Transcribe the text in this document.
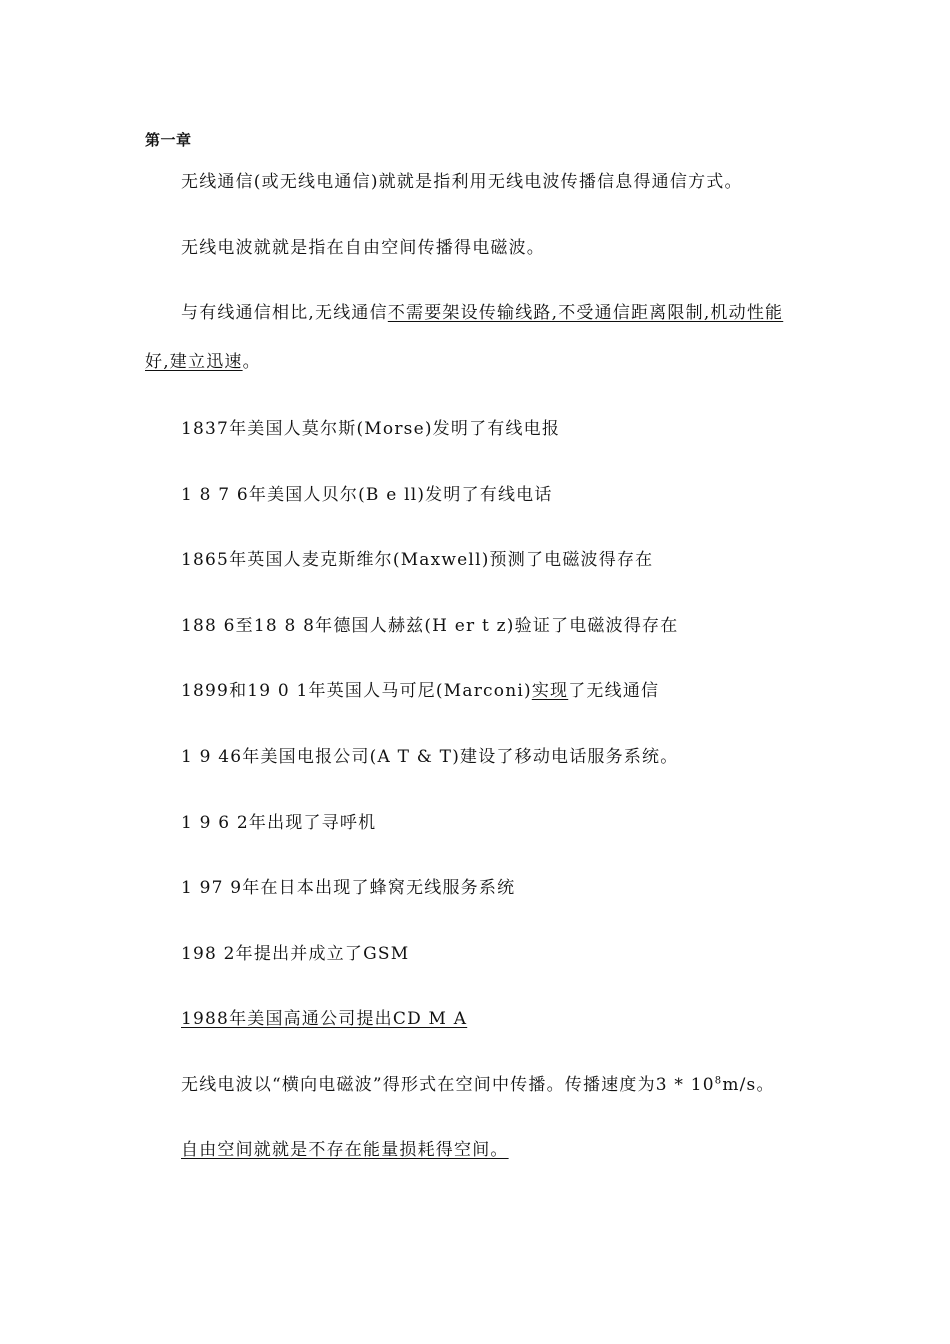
第一章
无线通信(或无线电通信)就就是指利用无线电波传播信息得通信方式。
无线电波就就是指在自由空间传播得电磁波。
与有线通信相比,无线通信不需要架设传输线路,不受通信距离限制,机动性能
好,建立迅速。
1837年美国人莫尔斯(Morse)发明了有线电报
1 8 7 6年美国人贝尔(B e ll)发明了有线电话
1865年英国人麦克斯维尔(Maxwell)预测了电磁波得存在
188 6至18 8 8年德国人赫兹(H er t z)验证了电磁波得存在
1899和19 0 1年英国人马可尼(Marconi)实现了无线通信
1 9 46年美国电报公司(A T & T)建设了移动电话服务系统。
1 9 6 2年出现了寻呼机
1 97 9年在日本出现了蜂窝无线服务系统
198 2年提出并成立了GSM
1988年美国高通公司提出CD M A
无线电波以“横向电磁波”得形式在空间中传播。传播速度为$3 * 10^8m/s$。
自由空间就就是不存在能量损耗得空间。
